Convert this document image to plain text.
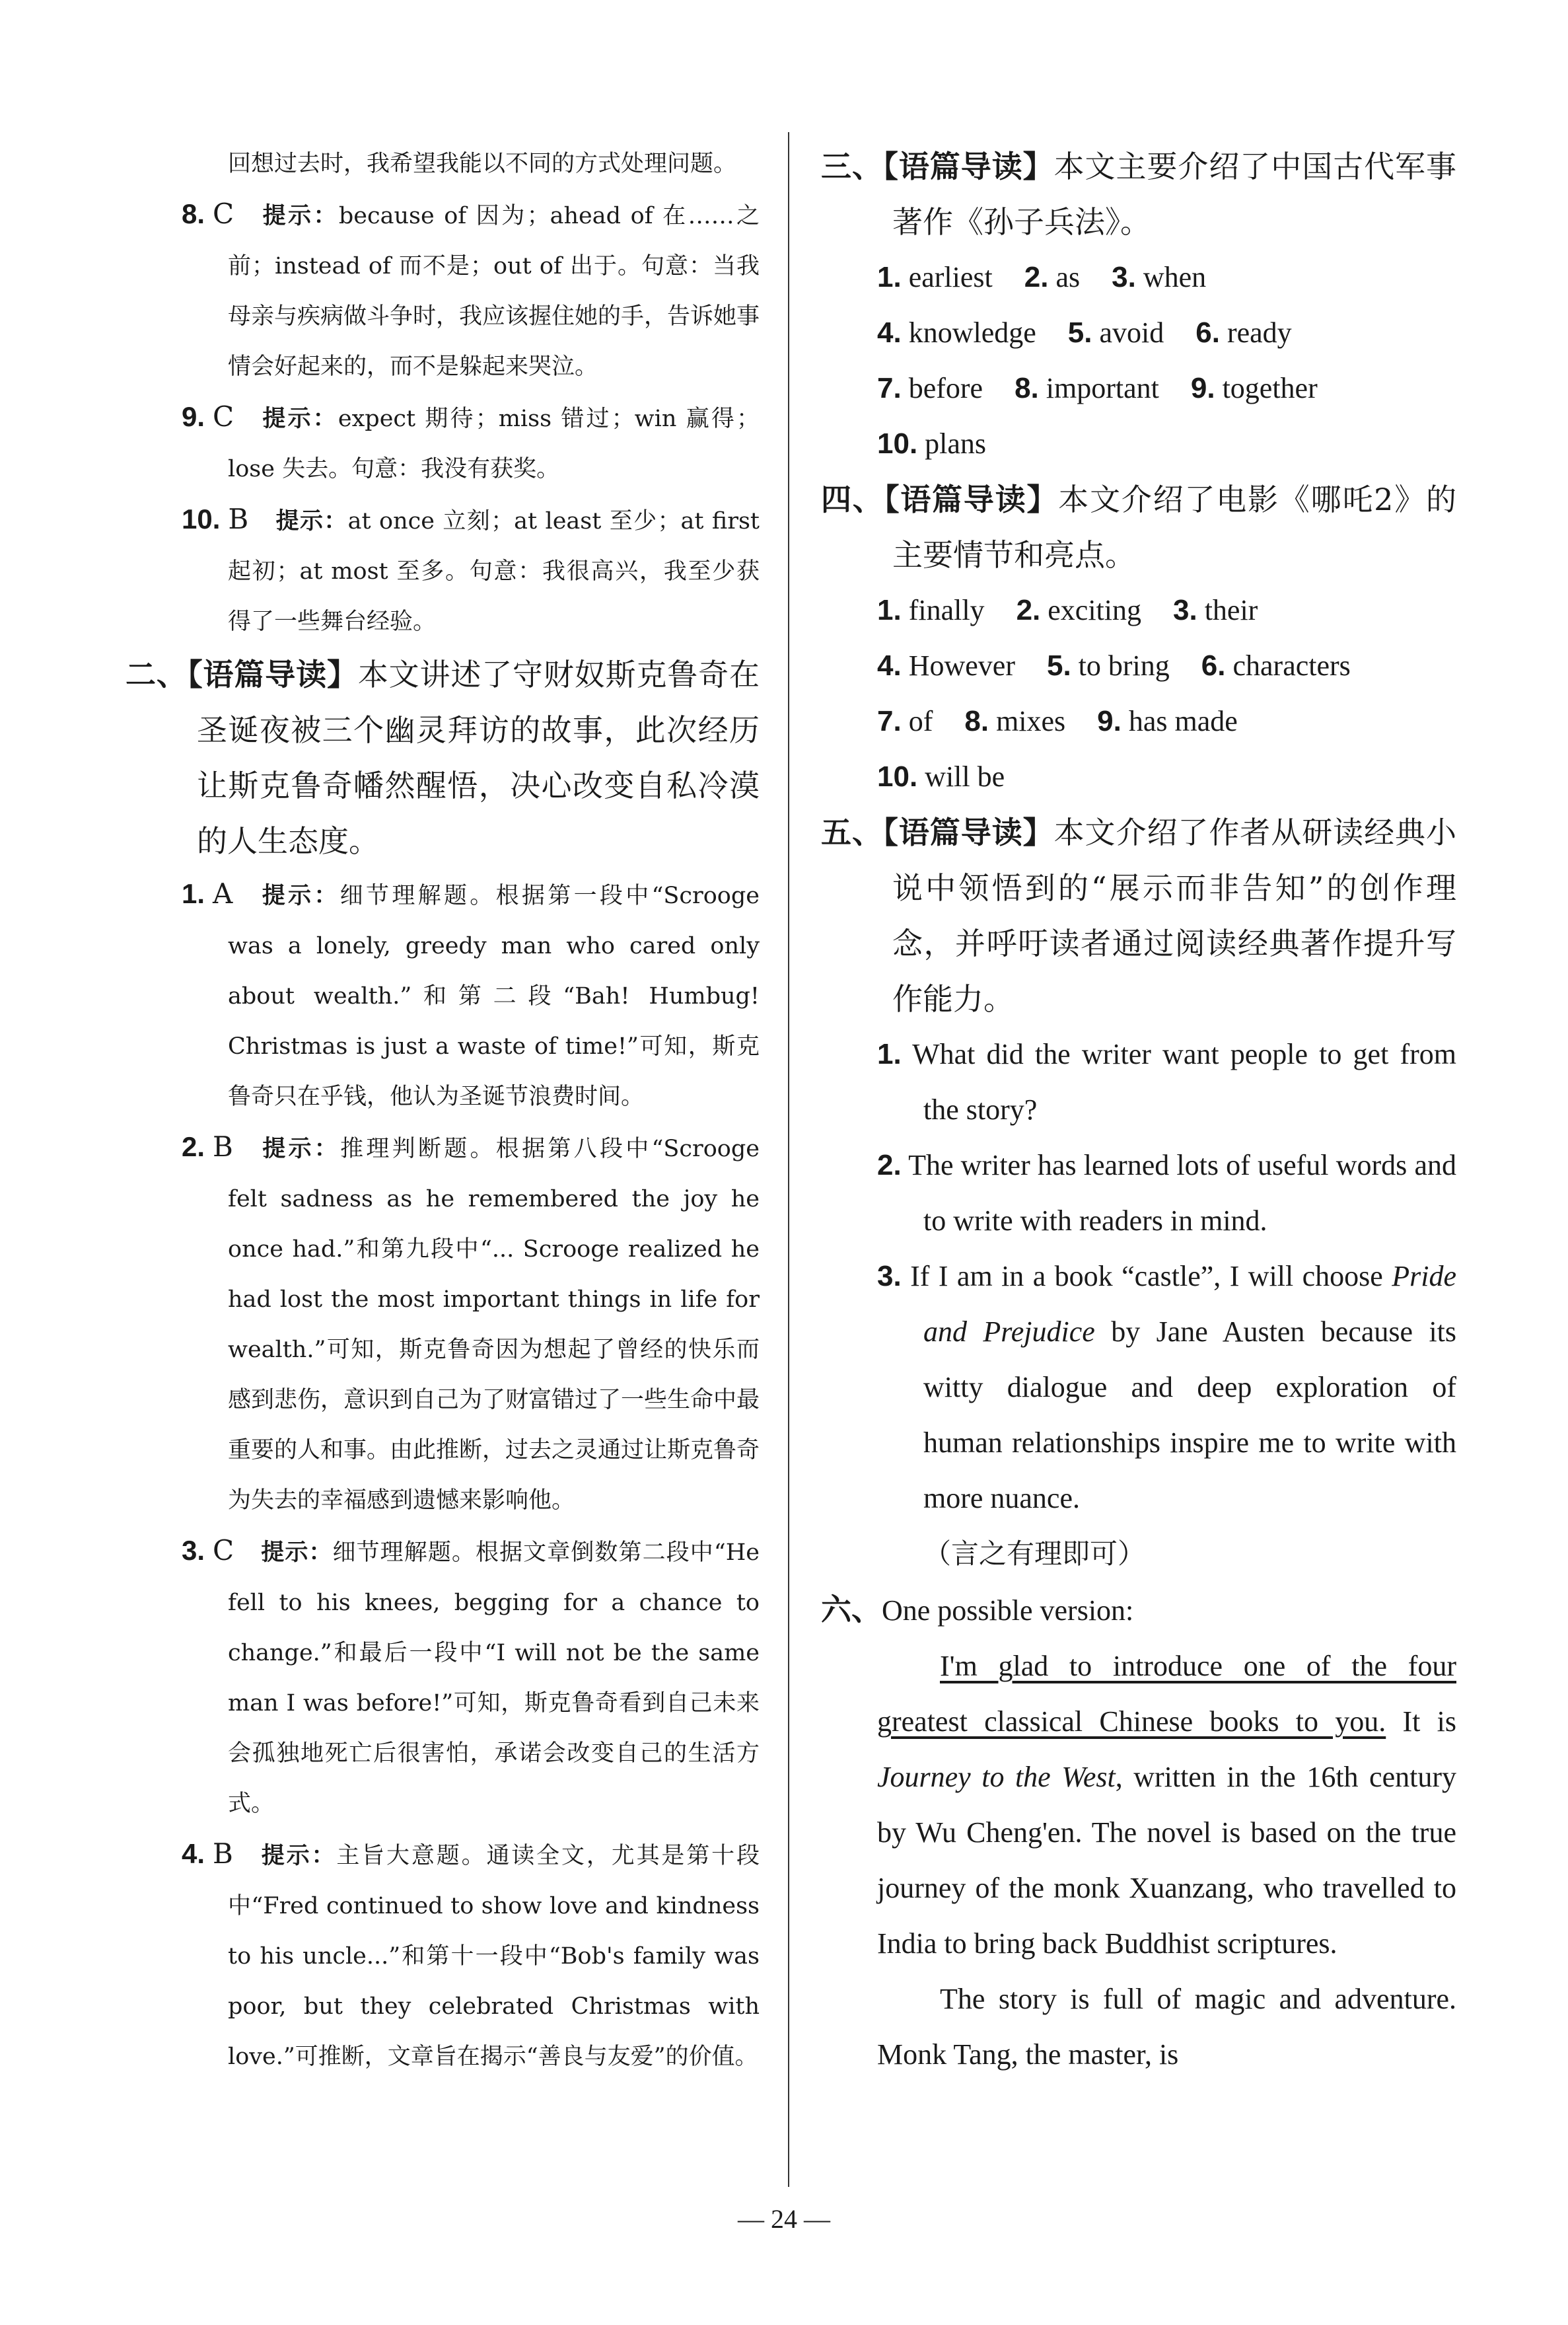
回想过去时，我希望我能以不同的方式处理问题。

8. C 提示：because of 因为；ahead of 在……之前；instead of 而不是；out of 出于。句意：当我母亲与疾病做斗争时，我应该握住她的手，告诉她事情会好起来的，而不是躲起来哭泣。

9. C 提示：expect 期待；miss 错过；win 赢得；lose 失去。句意：我没有获奖。

10. B 提示：at once 立刻；at least 至少；at first 起初；at most 至多。句意：我很高兴，我至少获得了一些舞台经验。

二、【语篇导读】本文讲述了守财奴斯克鲁奇在圣诞夜被三个幽灵拜访的故事，此次经历让斯克鲁奇幡然醒悟，决心改变自私冷漠的人生态度。

1. A 提示：细节理解题。根据第一段中“Scrooge was a lonely, greedy man who cared only about wealth.”和第二段“Bah! Humbug! Christmas is just a waste of time!”可知，斯克鲁奇只在乎钱，他认为圣诞节浪费时间。

2. B 提示：推理判断题。根据第八段中“Scrooge felt sadness as he remembered the joy he once had.”和第九段中“... Scrooge realized he had lost the most important things in life for wealth.”可知，斯克鲁奇因为想起了曾经的快乐而感到悲伤，意识到自己为了财富错过了一些生命中最重要的人和事。由此推断，过去之灵通过让斯克鲁奇为失去的幸福感到遗憾来影响他。

3. C 提示：细节理解题。根据文章倒数第二段中“He fell to his knees, begging for a chance to change.”和最后一段中“I will not be the same man I was before!”可知，斯克鲁奇看到自己未来会孤独地死亡后很害怕，承诺会改变自己的生活方式。

4. B 提示：主旨大意题。通读全文，尤其是第十段中“Fred continued to show love and kindness to his uncle...”和第十一段中“Bob's family was poor, but they celebrated Christmas with love.”可推断，文章旨在揭示“善良与友爱”的价值。

三、【语篇导读】本文主要介绍了中国古代军事著作《孙子兵法》。

1. earliest 2. as 3. when

4. knowledge 5. avoid 6. ready

7. before 8. important 9. together

10. plans

四、【语篇导读】本文介绍了电影《哪吒2》的主要情节和亮点。

1. finally 2. exciting 3. their

4. However 5. to bring 6. characters

7. of 8. mixes 9. has made

10. will be

五、【语篇导读】本文介绍了作者从研读经典小说中领悟到的“展示而非告知”的创作理念，并呼吁读者通过阅读经典著作提升写作能力。

1. What did the writer want people to get from the story?

2. The writer has learned lots of useful words and to write with readers in mind.

3. If I am in a book “castle”, I will choose Pride and Prejudice by Jane Austen because its witty dialogue and deep exploration of human relationships inspire me to write with more nuance.
（言之有理即可）

六、One possible version:

I'm glad to introduce one of the four greatest classical Chinese books to you. It is Journey to the West, written in the 16th century by Wu Cheng'en. The novel is based on the true journey of the monk Xuanzang, who travelled to India to bring back Buddhist scriptures.

The story is full of magic and adventure. Monk Tang, the master, is

— 24 —
